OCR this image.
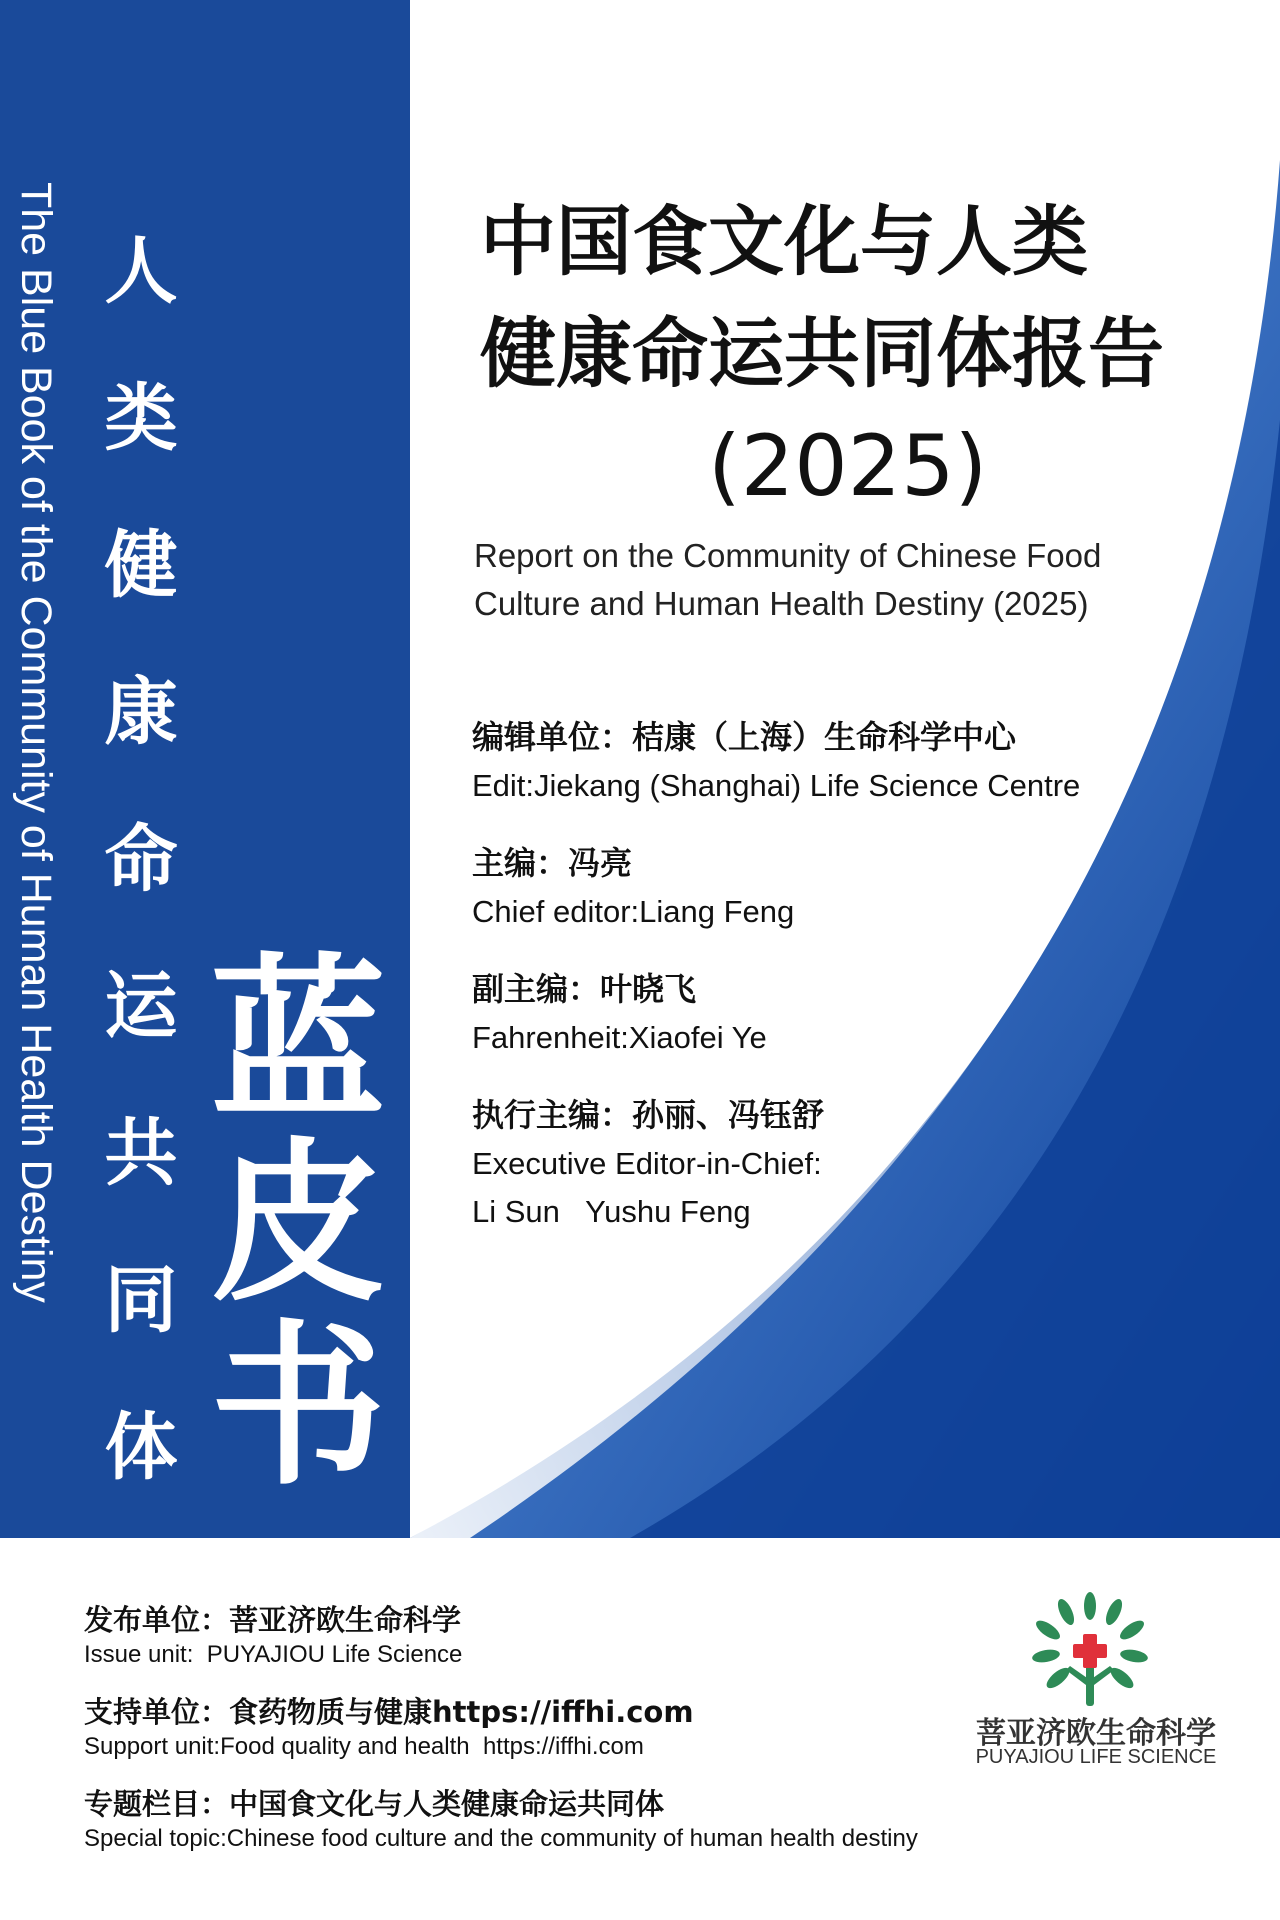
The Blue Book of the Community of Human Health Destiny 人类健康命运共同体
蓝皮书
中国食文化与人类
健康命运共同体报告
(2025)
Report on the Community of Chinese Food
Culture and Human Health Destiny (2025)
编辑单位：桔康（上海）生命科学中心
Edit:Jiekang (Shanghai) Life Science Centre
主编：冯亮
Chief editor:Liang Feng
副主编：叶晓飞
Fahrenheit:Xiaofei Ye
执行主编：孙丽、冯钰舒
Executive Editor-in-Chief:
Li Sun   Yushu Feng
发布单位：菩亚济欧生命科学
Issue unit:  PUYAJIOU Life Science
支持单位：食药物质与健康https://iffhi.com
Support unit:Food quality and health  https://iffhi.com
专题栏目：中国食文化与人类健康命运共同体
Special topic:Chinese food culture and the community of human health destiny
菩亚济欧生命科学
PUYAJIOU LIFE SCIENCE
